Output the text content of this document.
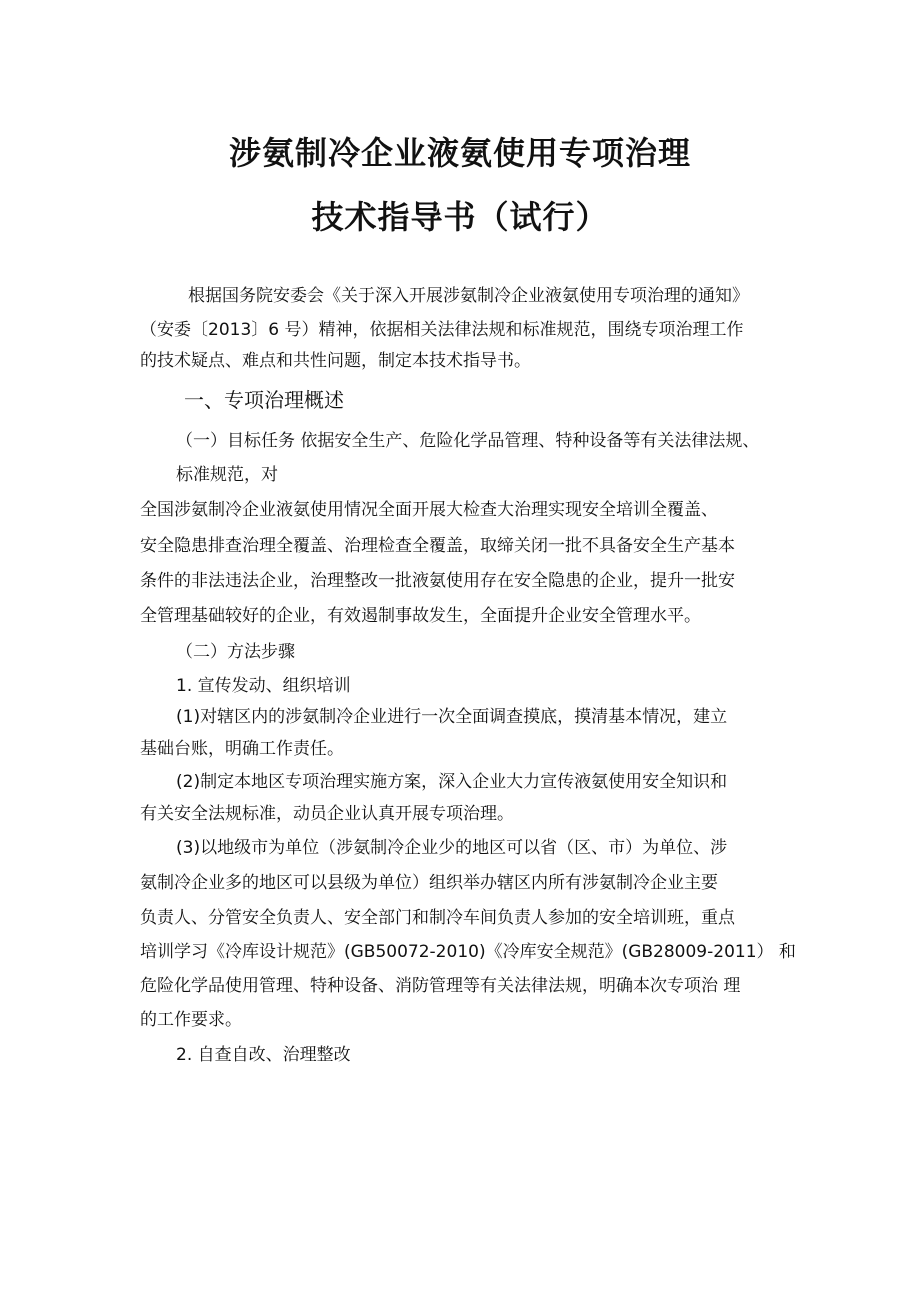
涉氨制冷企业液氨使用专项治理
技术指导书（试行）

根据国务院安委会《关于深入开展涉氨制冷企业液氨使用专项治理的通知》

（安委〔2013〕6 号）精神，依据相关法律法规和标准规范，围绕专项治理工作

的技术疑点、难点和共性问题，制定本技术指导书。

一、专项治理概述

（一）目标任务 依据安全生产、危险化学品管理、特种设备等有关法律法规、

标准规范，对

全国涉氨制冷企业液氨使用情况全面开展大检查大治理实现安全培训全覆盖、

安全隐患排查治理全覆盖、治理检查全覆盖，取缔关闭一批不具备安全生产基本

条件的非法违法企业，治理整改一批液氨使用存在安全隐患的企业，提升一批安

全管理基础较好的企业，有效遏制事故发生，全面提升企业安全管理水平。

（二）方法步骤

1. 宣传发动、组织培训

(1)对辖区内的涉氨制冷企业进行一次全面调查摸底，摸清基本情况，建立

基础台账，明确工作责任。

(2)制定本地区专项治理实施方案，深入企业大力宣传液氨使用安全知识和

有关安全法规标准，动员企业认真开展专项治理。

(3)以地级市为单位（涉氨制冷企业少的地区可以省（区、市）为单位、涉

氨制冷企业多的地区可以县级为单位）组织举办辖区内所有涉氨制冷企业主要

负责人、分管安全负责人、安全部门和制冷车间负责人参加的安全培训班，重点

培训学习《冷库设计规范》(GB50072-2010)《冷库安全规范》(GB28009-2011） 和

危险化学品使用管理、特种设备、消防管理等有关法律法规，明确本次专项治 理

的工作要求。

2. 自查自改、治理整改
